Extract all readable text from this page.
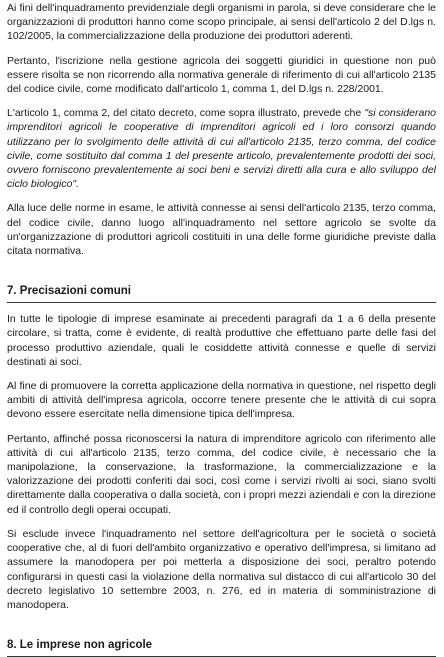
Ai fini dell'inquadramento previdenziale degli organismi in parola, si deve considerare che le organizzazioni di produttori hanno come scopo principale, ai sensi dell'articolo 2 del D.lgs n. 102/2005, la commercializzazione della produzione dei produttori aderenti.

Pertanto, l'iscrizione nella gestione agricola dei soggetti giuridici in questione non può essere risolta se non ricorrendo alla normativa generale di riferimento di cui all'articolo 2135 del codice civile, come modificato dall'articolo 1, comma 1, del D.lgs n. 228/2001.

L'articolo 1, comma 2, del citato decreto, come sopra illustrato, prevede che "si considerano imprenditori agricoli le cooperative di imprenditori agricoli ed i loro consorzi quando utilizzano per lo svolgimento delle attività di cui all'articolo 2135, terzo comma, del codice civile, come sostituito dal comma 1 del presente articolo, prevalentemente prodotti dei soci, ovvero forniscono prevalentemente ai soci beni e servizi diretti alla cura e allo sviluppo del ciclo biologico".

Alla luce delle norme in esame, le attività connesse ai sensi dell'articolo 2135, terzo comma, del codice civile, danno luogo all'inquadramento nel settore agricolo se svolte da un'organizzazione di produttori agricoli costituiti in una delle forme giuridiche previste dalla citata normativa.

7. Precisazioni comuni

In tutte le tipologie di imprese esaminate ai precedenti paragrafi da 1 a 6 della presente circolare, si tratta, come è evidente, di realtà produttive che effettuano parte delle fasi del processo produttivo aziendale, quali le cosiddette attività connesse e quelle di servizi destinati ai soci.

Al fine di promuovere la corretta applicazione della normativa in questione, nel rispetto degli ambiti di attività dell'impresa agricola, occorre tenere presente che le attività di cui sopra devono essere esercitate nella dimensione tipica dell'impresa.

Pertanto, affinché possa riconoscersi la natura di imprenditore agricolo con riferimento alle attività di cui all'articolo 2135, terzo comma, del codice civile, è necessario che la manipolazione, la conservazione, la trasformazione, la commercializzazione e la valorizzazione dei prodotti conferiti dai soci, così come i servizi rivolti ai soci, siano svolti direttamente dalla cooperativa o dalla società, con i propri mezzi aziendali e con la direzione ed il controllo degli operai occupati.

Si esclude invece l'inquadramento nel settore dell'agricoltura per le società o società cooperative che, al di fuori dell'ambito organizzativo e operativo dell'impresa, si limitano ad assumere la manodopera per poi metterla a disposizione dei soci, peraltro potendo configurarsi in questi casi la violazione della normativa sul distacco di cui all'articolo 30 del decreto legislativo 10 settembre 2003, n. 276, ed in materia di somministrazione di manodopera.

8. Le imprese non agricole
